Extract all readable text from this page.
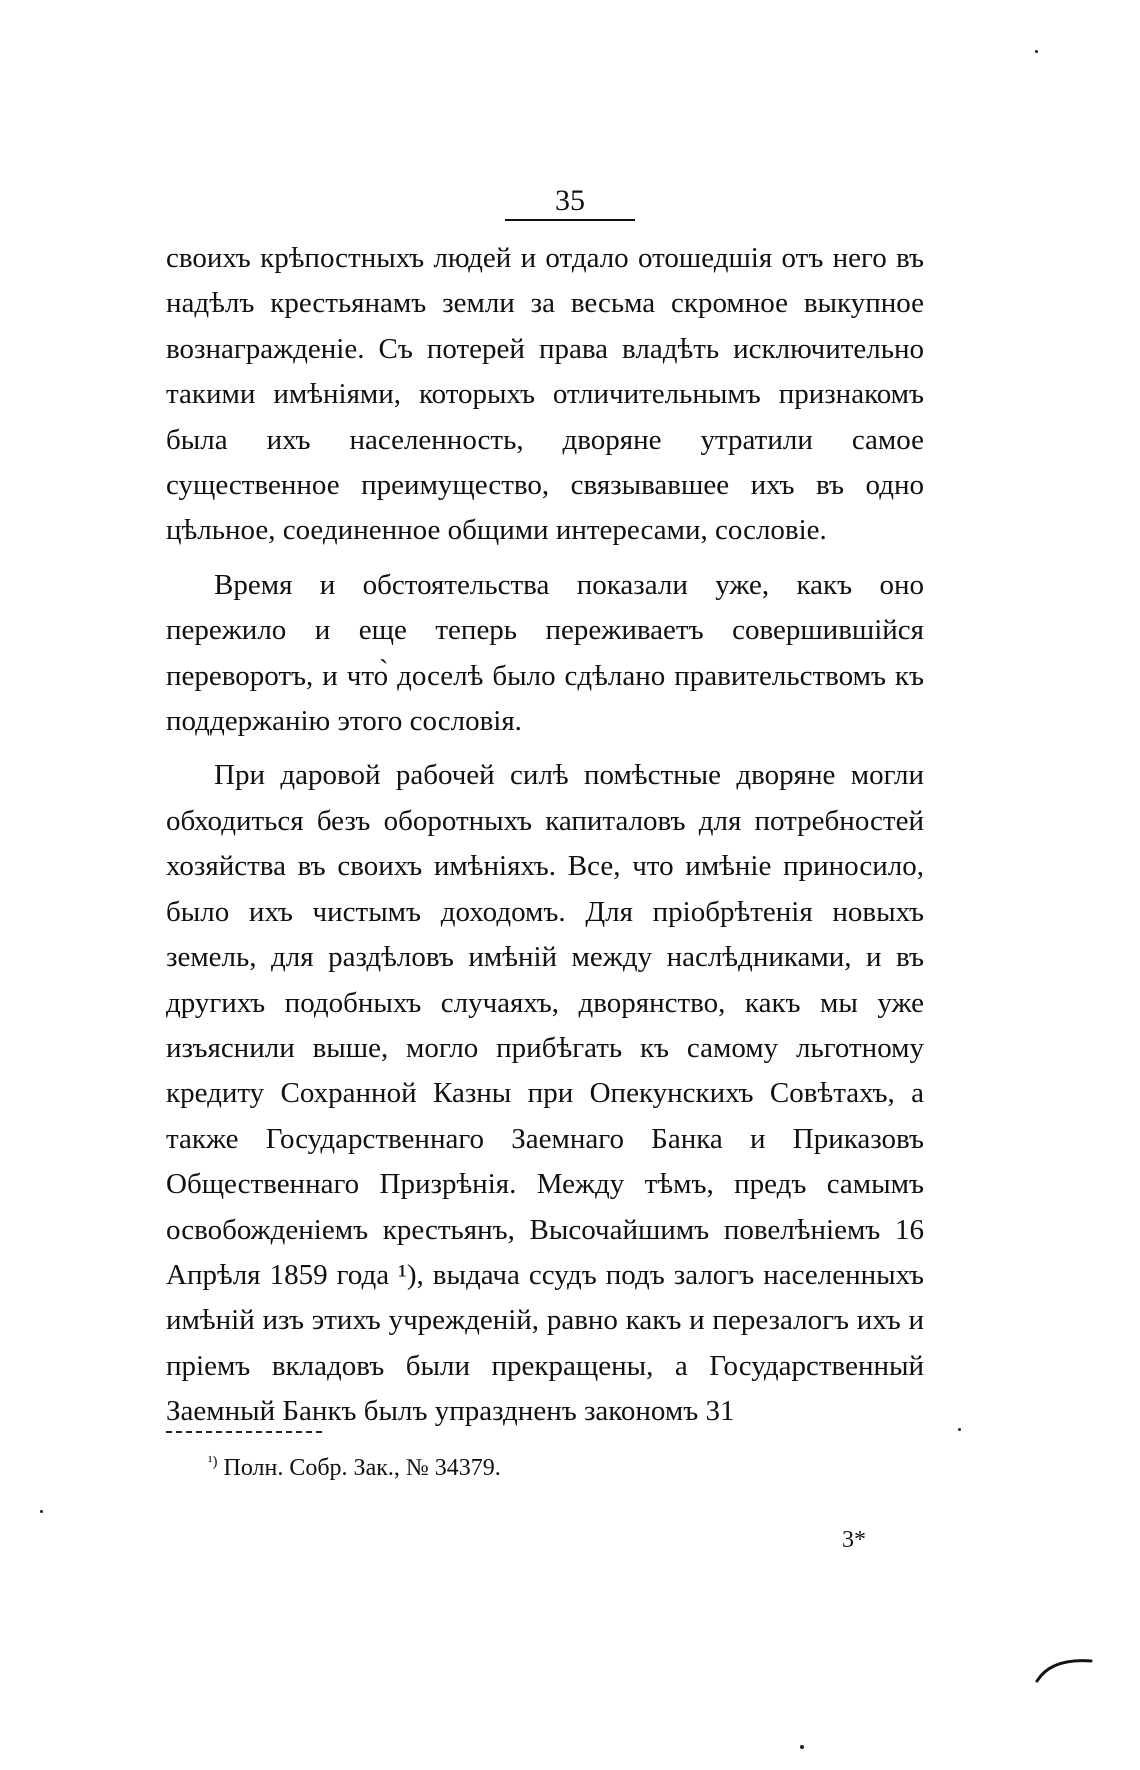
35

своихъ крѣпостныхъ людей и отдало отошедшія отъ него въ надѣлъ крестьянамъ земли за весьма скромное выкупное вознагражденіе. Съ потерей права владѣть исключительно такими имѣніями, которыхъ отличительнымъ признакомъ была ихъ населенность, дворяне утратили самое существенное преимущество, связывавшее ихъ въ одно цѣльное, соединенное общими интересами, сословіе.

Время и обстоятельства показали уже, какъ оно пережило и еще теперь переживаетъ совершившійся переворотъ, и что̀ доселѣ было сдѣлано правительствомъ къ поддержанію этого сословія.

При даровой рабочей силѣ помѣстные дворяне могли обходиться безъ оборотныхъ капиталовъ для потребностей хозяйства въ своихъ имѣніяхъ. Все, что имѣніе приносило, было ихъ чистымъ доходомъ. Для пріобрѣтенія новыхъ земель, для раздѣловъ имѣній между наслѣдниками, и въ другихъ подобныхъ случаяхъ, дворянство, какъ мы уже изъяснили выше, могло прибѣгать къ самому льготному кредиту Сохранной Казны при Опекунскихъ Совѣтахъ, а также Государственнаго Заемнаго Банка и Приказовъ Общественнаго Призрѣнія. Между тѣмъ, предъ самымъ освобожденіемъ крестьянъ, Высочайшимъ повелѣніемъ 16 Апрѣля 1859 года ¹), выдача ссудъ подъ залогъ населенныхъ имѣній изъ этихъ учрежденій, равно какъ и перезалогъ ихъ и пріемъ вкладовъ были прекращены, а Государственный Заемный Банкъ былъ упраздненъ закономъ 31

$^{^1)}$ Полн. Собр. Зак., № 34379.
3*
